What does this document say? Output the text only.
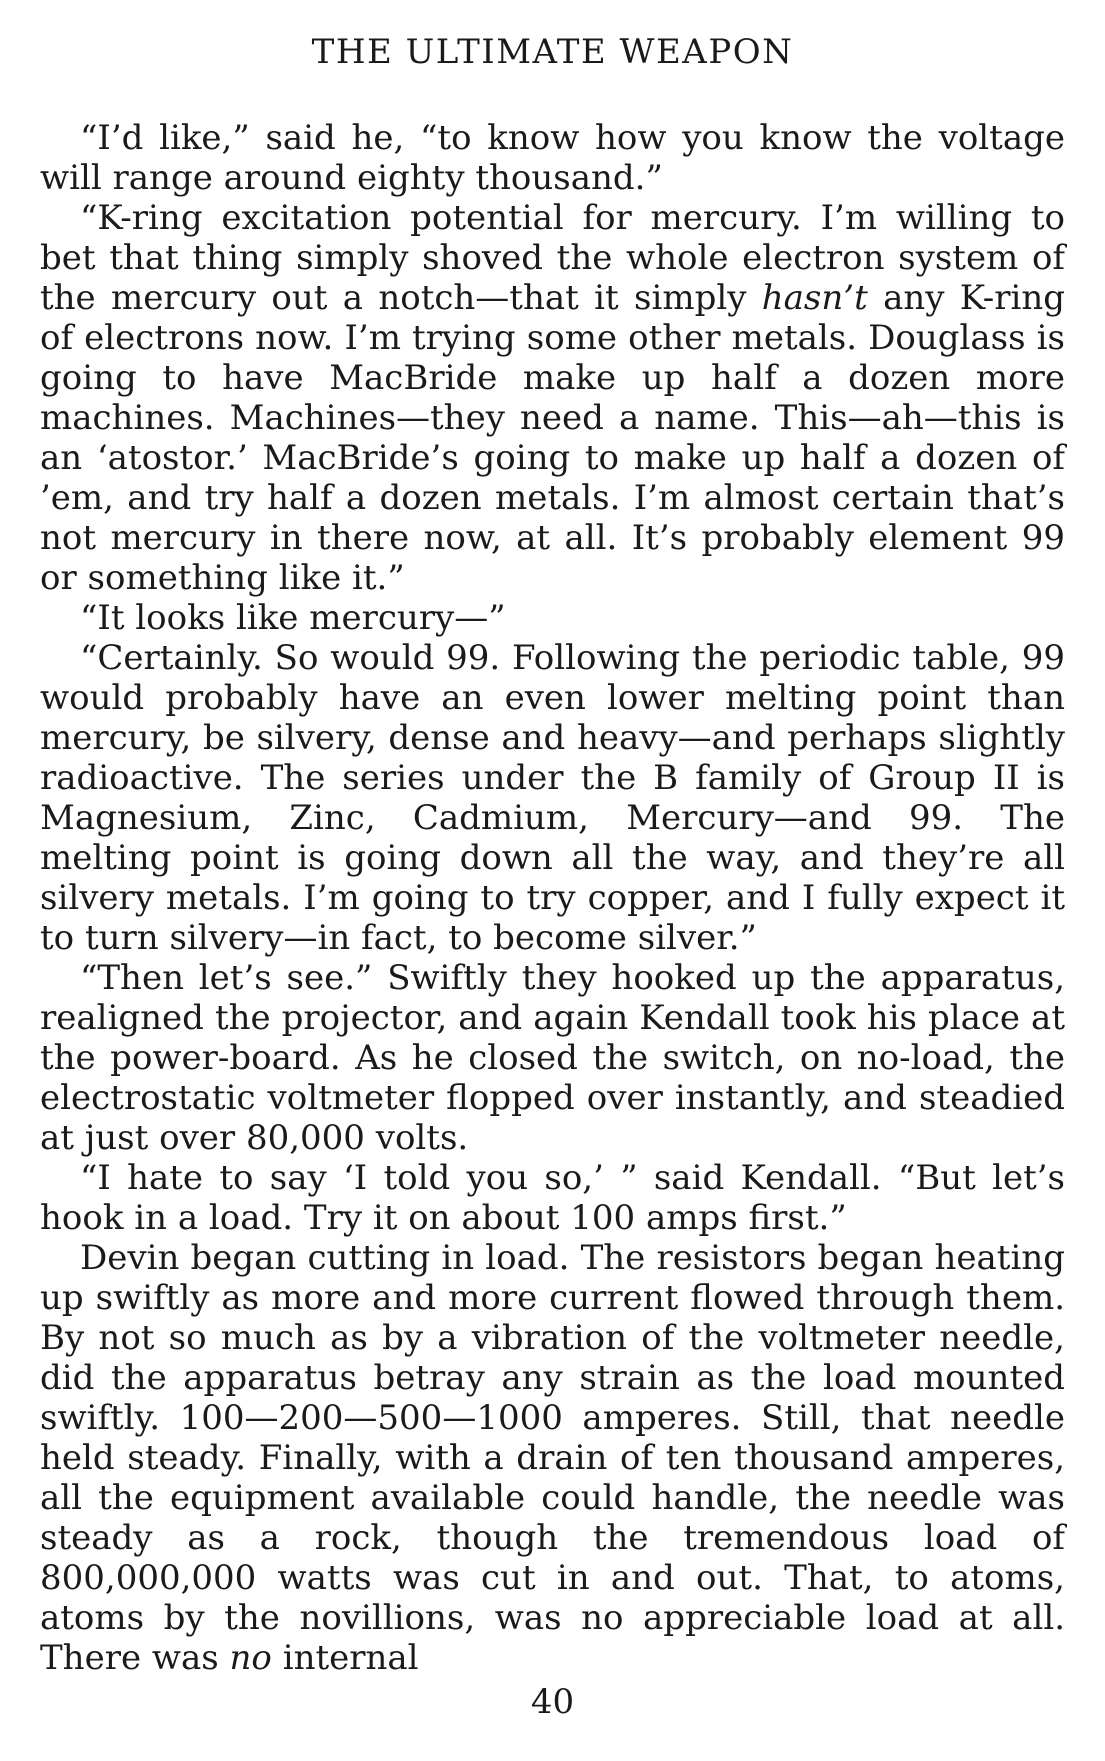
THE ULTIMATE WEAPON

“I’d like,” said he, “to know how you know the voltage will range around eighty thousand.”

“K-ring excitation potential for mercury. I’m willing to bet that thing simply shoved the whole electron system of the mercury out a notch—that it simply hasn’t any K-ring of electrons now. I’m trying some other metals. Douglass is going to have MacBride make up half a dozen more machines. Machines—they need a name. This—ah—this is an ‘atostor.’ MacBride’s going to make up half a dozen of ’em, and try half a dozen metals. I’m almost certain that’s not mercury in there now, at all. It’s probably element 99 or something like it.”

“It looks like mercury—”

“Certainly. So would 99. Following the periodic table, 99 would probably have an even lower melting point than mercury, be silvery, dense and heavy—and perhaps slightly radioactive. The series under the B family of Group II is Magnesium, Zinc, Cadmium, Mercury—and 99. The melting point is going down all the way, and they’re all silvery metals. I’m going to try copper, and I fully expect it to turn silvery—in fact, to become silver.”

“Then let’s see.” Swiftly they hooked up the apparatus, realigned the projector, and again Kendall took his place at the power-board. As he closed the switch, on no-load, the electrostatic voltmeter flopped over instantly, and steadied at just over 80,000 volts.

“I hate to say ‘I told you so,’ ” said Kendall. “But let’s hook in a load. Try it on about 100 amps first.”

Devin began cutting in load. The resistors began heating up swiftly as more and more current flowed through them. By not so much as by a vibration of the voltmeter needle, did the apparatus betray any strain as the load mounted swiftly. 100—200—500—1000 amperes. Still, that needle held steady. Finally, with a drain of ten thousand amperes, all the equipment available could handle, the needle was steady as a rock, though the tremendous load of 800,000,000 watts was cut in and out. That, to atoms, atoms by the novillions, was no appreciable load at all. There was no internal

40
